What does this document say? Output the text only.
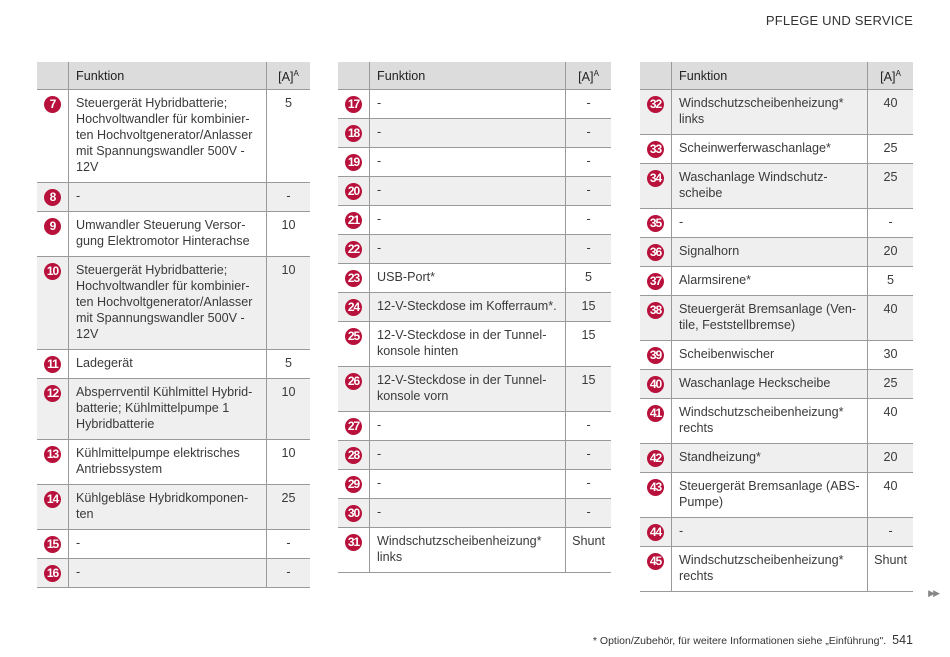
PFLEGE UND SERVICE
	Funktion	$[A]^A$
7	Steuergerät Hybridbatterie; Hochvoltwandler für kombinier-ten Hochvoltgenerator/Anlasser mit Spannungswandler 500V - 12V	5
8	-	-
9	Umwandler Steuerung Versor-gung Elektromotor Hinterachse	10
10	Steuergerät Hybridbatterie; Hochvoltwandler für kombinier-ten Hochvoltgenerator/Anlasser mit Spannungswandler 500V - 12V	10
11	Ladegerät	5
12	Absperrventil Kühlmittel Hybrid-batterie; Kühlmittelpumpe 1 Hybridbatterie	10
13	Kühlmittelpumpe elektrisches Antriebssystem	10
14	Kühlgebläse Hybridkomponen-ten	25
15	-	-
16	-	-
	Funktion	$[A]^A$
17	-	-
18	-	-
19	-	-
20	-	-
21	-	-
22	-	-
23	USB-Port*	5
24	12-V-Steckdose im Kofferraum*.	15
25	12-V-Steckdose in der Tunnel-konsole hinten	15
26	12-V-Steckdose in der Tunnel-konsole vorn	15
27	-	-
28	-	-
29	-	-
30	-	-
31	Windschutzscheibenheizung* links	Shunt
	Funktion	$[A]^A$
32	Windschutzscheibenheizung* links	40
33	Scheinwerferwaschanlage*	25
34	Waschanlage Windschutz-scheibe	25
35	-	-
36	Signalhorn	20
37	Alarmsirene*	5
38	Steuergerät Bremsanlage (Ven-tile, Feststellbremse)	40
39	Scheibenwischer	30
40	Waschanlage Heckscheibe	25
41	Windschutzscheibenheizung* rechts	40
42	Standheizung*	20
43	Steuergerät Bremsanlage (ABS-Pumpe)	40
44	-	-
45	Windschutzscheibenheizung* rechts	Shunt
▶▶
* Option/Zubehör, für weitere Informationen siehe „Einführung". 541
